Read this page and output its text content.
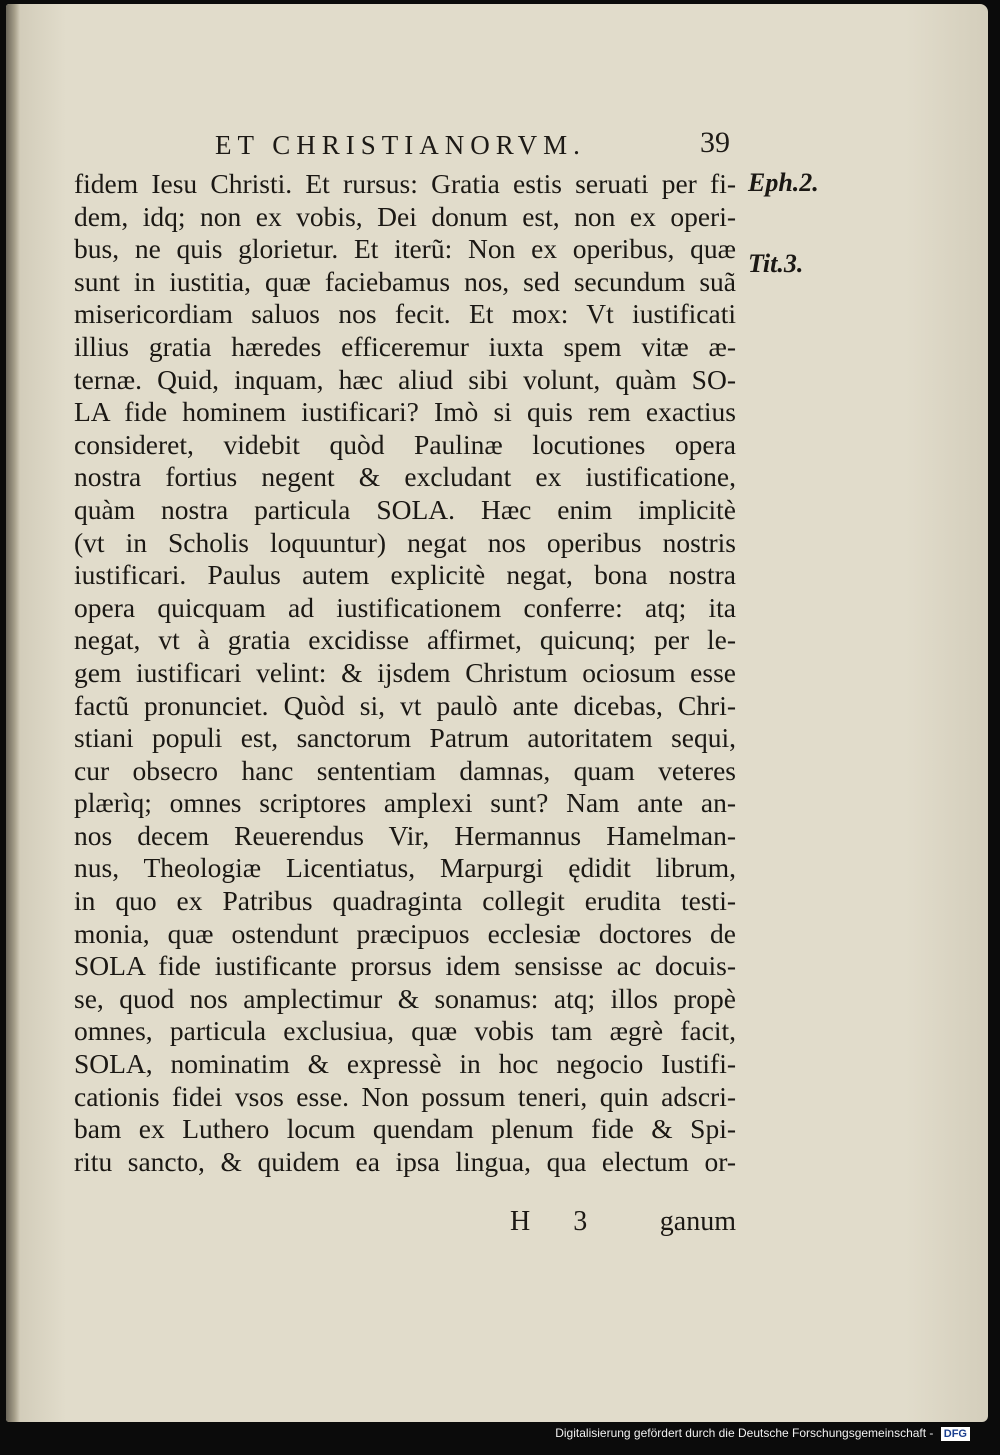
ET CHRISTIANORVM.	39
fidem Iesu Christi. Et rursus: Gratia estis seruati per fi-
dem, idq; non ex vobis, Dei donum est, non ex operi-
bus, ne quis glorietur. Et iterũ: Non ex operibus, quæ
sunt in iustitia, quæ faciebamus nos, sed secundum suã
misericordiam saluos nos fecit. Et mox: Vt iustificati
illius gratia hæredes efficeremur iuxta spem vitæ æ-
ternæ. Quid, inquam, hæc aliud sibi volunt, quàm SO-
LA fide hominem iustificari? Imò si quis rem exactius
consideret, videbit quòd Paulinæ locutiones opera
nostra fortius negent & excludant ex iustificatione,
quàm nostra particula SOLA. Hæc enim implicitè
(vt in Scholis loquuntur) negat nos operibus nostris
iustificari. Paulus autem explicitè negat, bona nostra
opera quicquam ad iustificationem conferre: atq; ita
negat, vt à gratia excidisse affirmet, quicunq; per le-
gem iustificari velint: & ijsdem Christum ociosum esse
factũ pronunciet. Quòd si, vt paulò ante dicebas, Chri-
stiani populi est, sanctorum Patrum autoritatem sequi,
cur obsecro hanc sententiam damnas, quam veteres
plærìq; omnes scriptores amplexi sunt? Nam ante an-
nos decem Reuerendus Vir, Hermannus Hamelman-
nus, Theologiæ Licentiatus, Marpurgi ędidit librum,
in quo ex Patribus quadraginta collegit erudita testi-
monia, quæ ostendunt præcipuos ecclesiæ doctores de
SOLA fide iustificante prorsus idem sensisse ac docuis-
se, quod nos amplectimur & sonamus: atq; illos propè
omnes, particula exclusiua, quæ vobis tam ægrè facit,
SOLA, nominatim & expressè in hoc negocio Iustifi-
cationis fidei vsos esse. Non possum teneri, quin adscri-
bam ex Luthero locum quendam plenum fide & Spi-
ritu sancto, & quidem ea ipsa lingua, qua electum or-
Eph.2.
Tit.3.
H 3 ganum
Digitalisierung gefördert durch die Deutsche Forschungsgemeinschaft - DFG
